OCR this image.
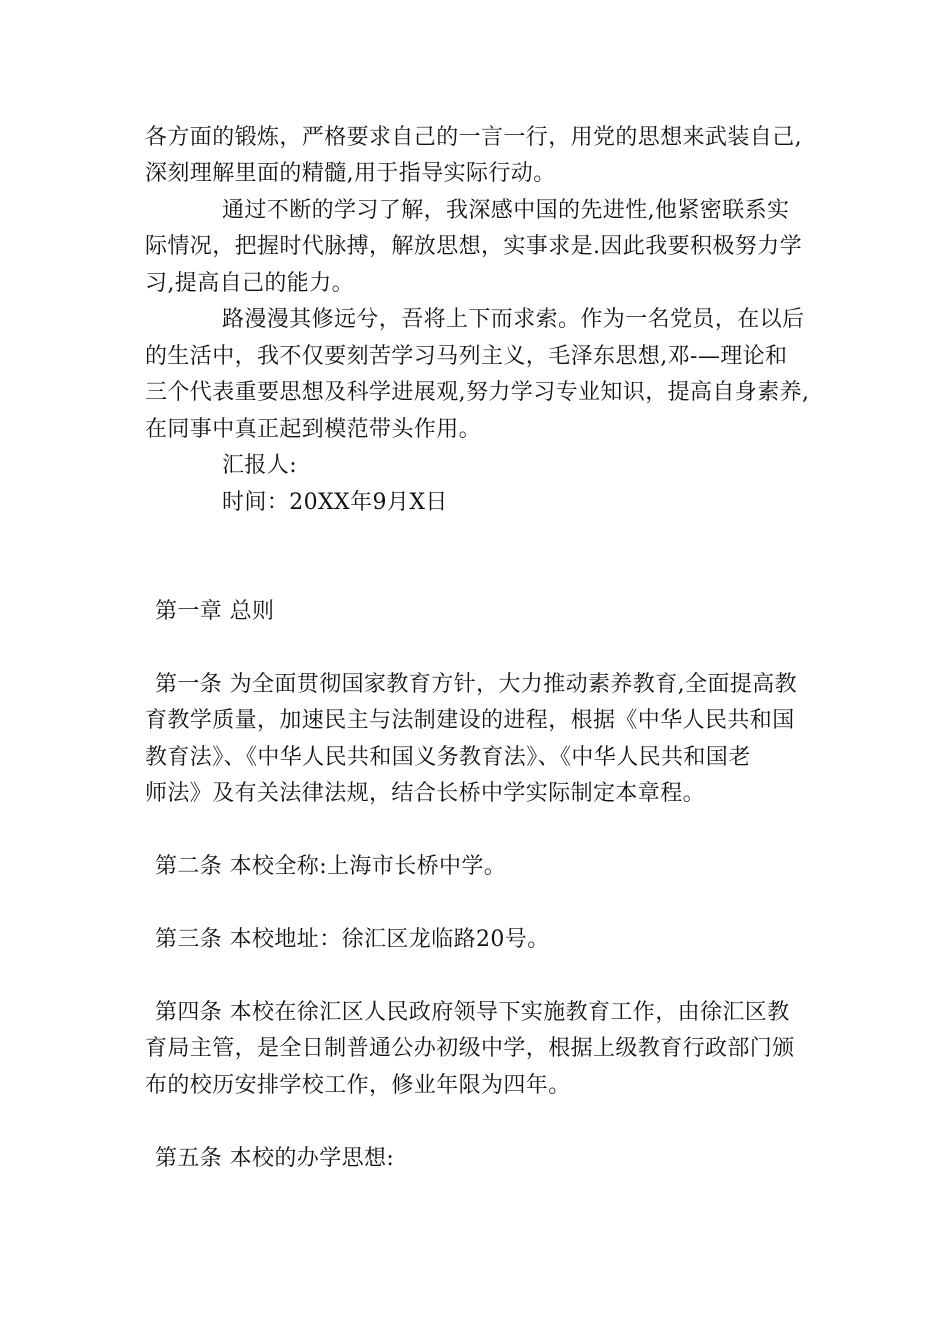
各方面的锻炼，严格要求自己的一言一行，用党的思想来武装自己,
深刻理解里面的精髓,用于指导实际行动。
通过不断的学习了解，我深感中国的先进性,他紧密联系实
际情况，把握时代脉搏，解放思想，实事求是.因此我要积极努力学
习,提高自己的能力。
路漫漫其修远兮，吾将上下而求索。作为一名党员，在以后
的生活中，我不仅要刻苦学习马列主义，毛泽东思想,邓-—理论和
三个代表重要思想及科学进展观,努力学习专业知识，提高自身素养,
在同事中真正起到模范带头作用。
汇报人:
时间：20XX年9月X日
第一章 总则
第一条 为全面贯彻国家教育方针，大力推动素养教育,全面提高教
育教学质量，加速民主与法制建设的进程，根据《中华人民共和国
教育法》、《中华人民共和国义务教育法》、《中华人民共和国老
师法》及有关法律法规，结合长桥中学实际制定本章程。
第二条 本校全称:上海市长桥中学。
第三条 本校地址：徐汇区龙临路20号。
第四条 本校在徐汇区人民政府领导下实施教育工作，由徐汇区教
育局主管，是全日制普通公办初级中学，根据上级教育行政部门颁
布的校历安排学校工作，修业年限为四年。
第五条 本校的办学思想:
